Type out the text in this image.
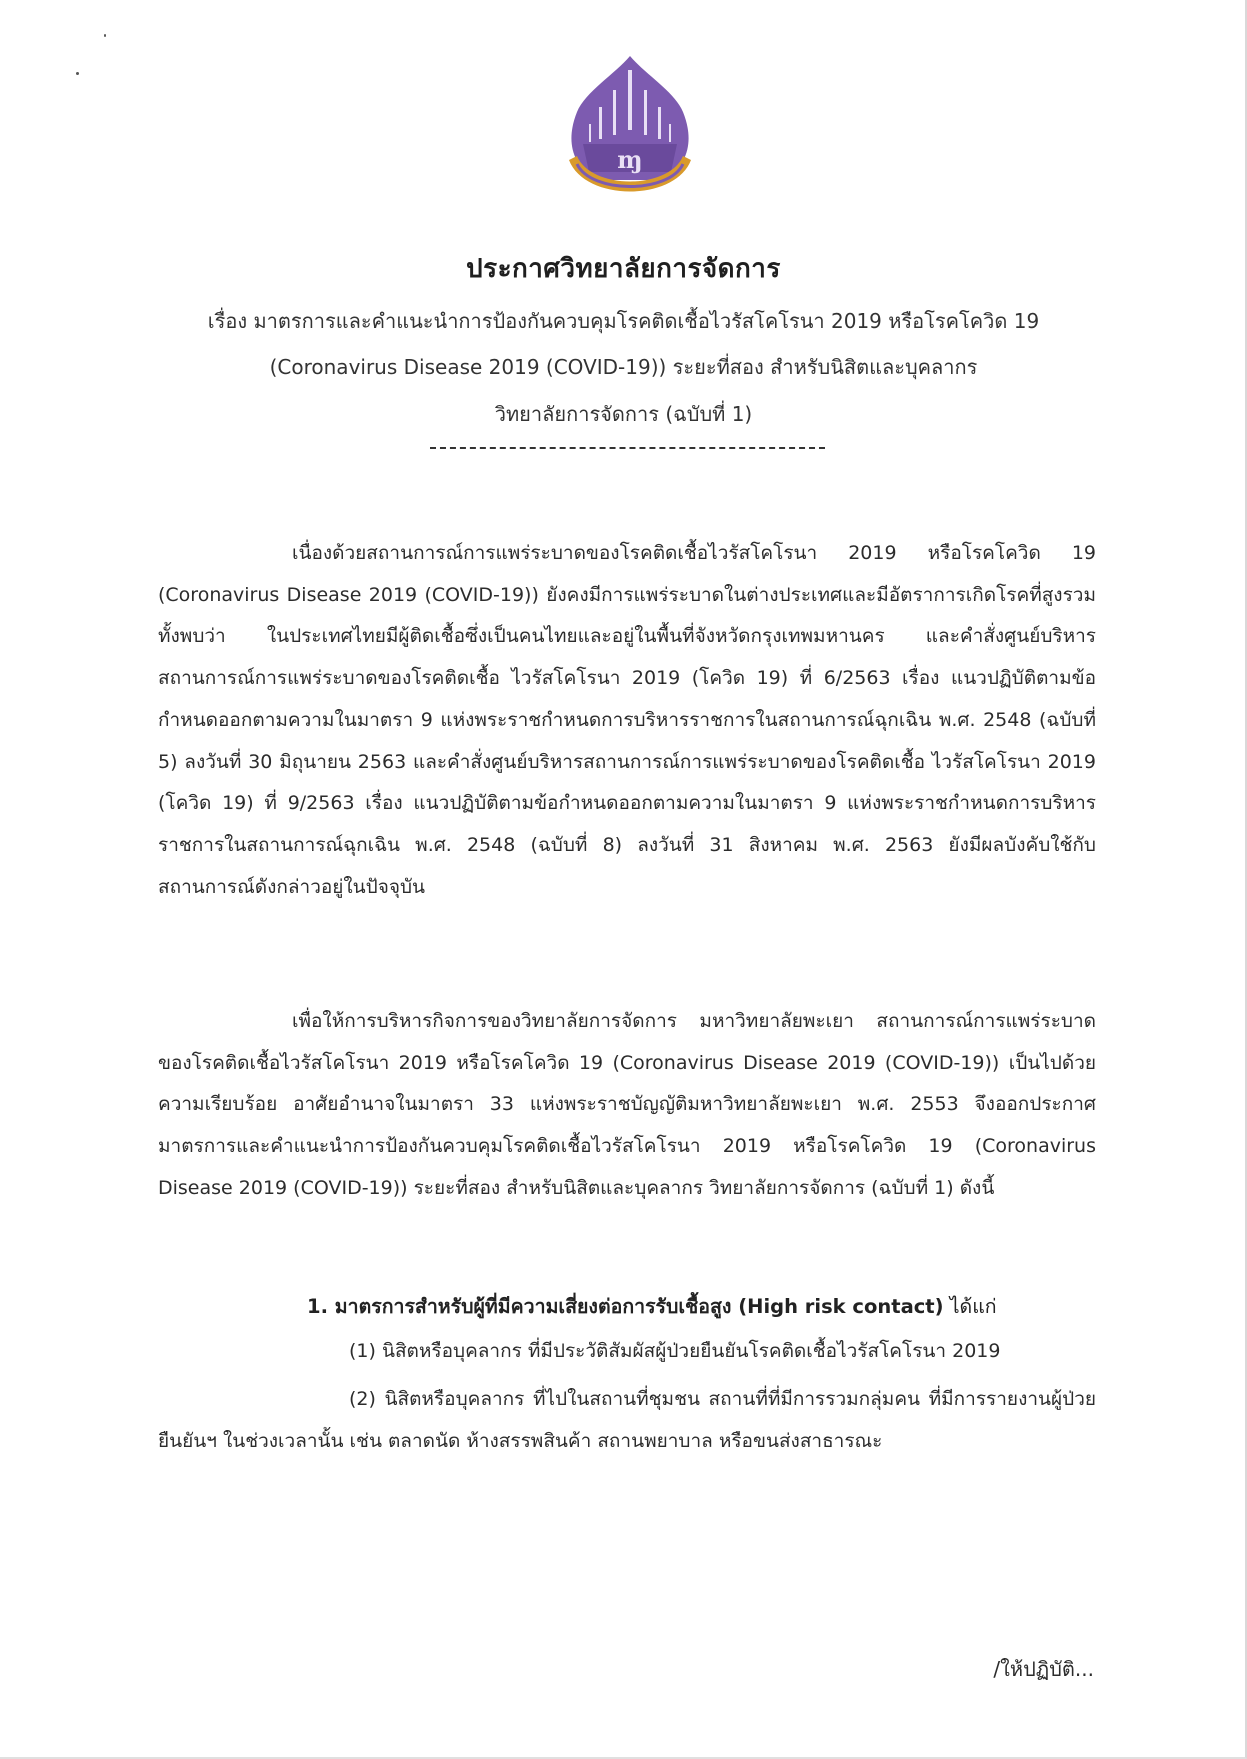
ɱ
ประกาศวิทยาลัยการจัดการ
เรื่อง มาตรการและคำแนะนำการป้องกันควบคุมโรคติดเชื้อไวรัสโคโรนา 2019 หรือโรคโควิด 19
(Coronavirus Disease 2019 (COVID-19)) ระยะที่สอง สำหรับนิสิตและบุคลากร
วิทยาลัยการจัดการ (ฉบับที่ 1)
เนื่องด้วยสถานการณ์การแพร่ระบาดของโรคติดเชื้อไวรัสโคโรนา 2019 หรือโรคโควิด 19 (Coronavirus Disease 2019 (COVID-19)) ยังคงมีการแพร่ระบาดในต่างประเทศและมีอัตราการเกิดโรคที่สูงรวมทั้งพบว่า ในประเทศไทยมีผู้ติดเชื้อซึ่งเป็นคนไทยและอยู่ในพื้นที่จังหวัดกรุงเทพมหานคร และคำสั่งศูนย์บริหารสถานการณ์การแพร่ระบาดของโรคติดเชื้อ ไวรัสโคโรนา 2019 (โควิด 19) ที่ 6/2563 เรื่อง แนวปฏิบัติตามข้อกำหนดออกตามความในมาตรา 9 แห่งพระราชกำหนดการบริหารราชการในสถานการณ์ฉุกเฉิน พ.ศ. 2548 (ฉบับที่ 5) ลงวันที่ 30 มิถุนายน 2563 และคำสั่งศูนย์บริหารสถานการณ์การแพร่ระบาดของโรคติดเชื้อ ไวรัสโคโรนา 2019 (โควิด 19) ที่ 9/2563 เรื่อง แนวปฏิบัติตามข้อกำหนดออกตามความในมาตรา 9 แห่งพระราชกำหนดการบริหารราชการในสถานการณ์ฉุกเฉิน พ.ศ. 2548 (ฉบับที่ 8) ลงวันที่ 31 สิงหาคม พ.ศ. 2563 ยังมีผลบังคับใช้กับสถานการณ์ดังกล่าวอยู่ในปัจจุบัน
เพื่อให้การบริหารกิจการของวิทยาลัยการจัดการ มหาวิทยาลัยพะเยา สถานการณ์การแพร่ระบาดของโรคติดเชื้อไวรัสโคโรนา 2019 หรือโรคโควิด 19 (Coronavirus Disease 2019 (COVID-19)) เป็นไปด้วยความเรียบร้อย อาศัยอำนาจในมาตรา 33 แห่งพระราชบัญญัติมหาวิทยาลัยพะเยา พ.ศ. 2553 จึงออกประกาศมาตรการและคำแนะนำการป้องกันควบคุมโรคติดเชื้อไวรัสโคโรนา 2019 หรือโรคโควิด 19 (Coronavirus Disease 2019 (COVID-19)) ระยะที่สอง สำหรับนิสิตและบุคลากร วิทยาลัยการจัดการ (ฉบับที่ 1) ดังนี้
1. มาตรการสำหรับผู้ที่มีความเสี่ยงต่อการรับเชื้อสูง (High risk contact) ได้แก่
(1) นิสิตหรือบุคลากร ที่มีประวัติสัมผัสผู้ป่วยยืนยันโรคติดเชื้อไวรัสโคโรนา 2019
(2) นิสิตหรือบุคลากร ที่ไปในสถานที่ชุมชน สถานที่ที่มีการรวมกลุ่มคน ที่มีการรายงานผู้ป่วยยืนยันฯ ในช่วงเวลานั้น เช่น ตลาดนัด ห้างสรรพสินค้า สถานพยาบาล หรือขนส่งสาธารณะ
/ให้ปฏิบัติ...
